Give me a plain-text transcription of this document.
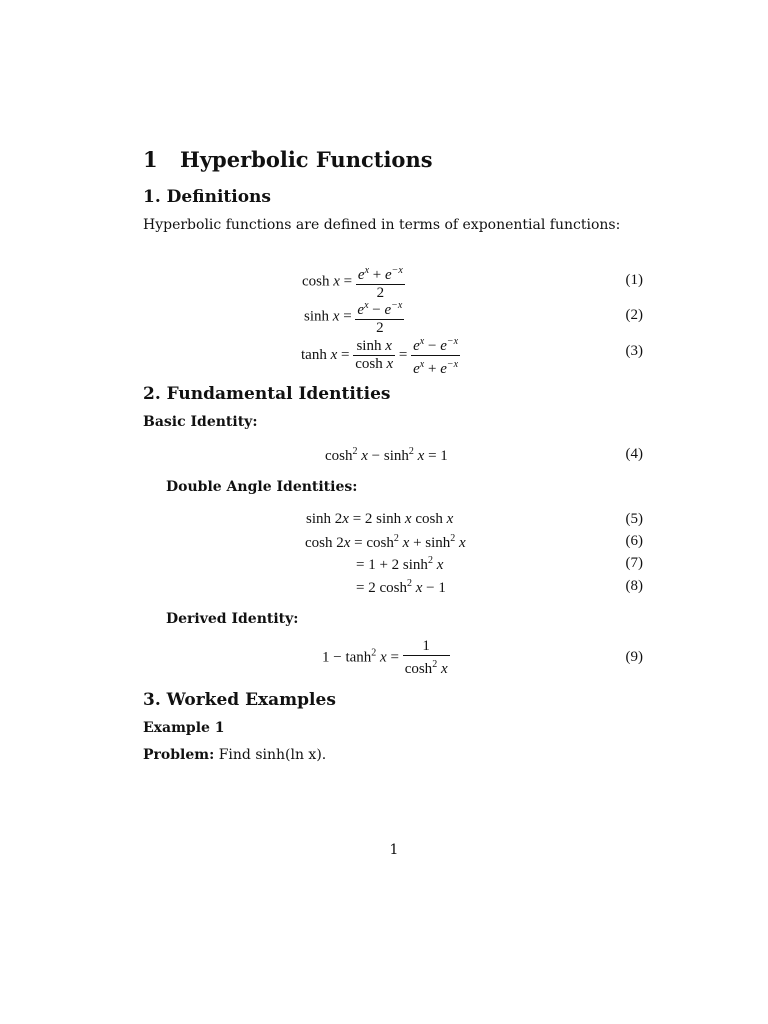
1 Hyperbolic Functions
1. Definitions
Hyperbolic functions are defined in terms of exponential functions:
$\cosh x = \frac{e^x + e^{-x}}{2}$	(1)
$\sinh x = \frac{e^x - e^{-x}}{2}$	(2)
$\tanh x = \frac{\text{sinh x}}{\text{cosh x}} = \frac{e^x - e^{-x}}{e^x + e^{-x}}$	(3)
2. Fundamental Identities
Basic Identity:
$\cosh^2 x - \sinh^2 x = 1$	(4)
Double Angle Identities:
sinh 2x = 2 sinh x cosh x	(5)
$\cosh 2x = \cosh^2 x + \sinh^2 x$	(6)
= 1 + 2 $\sinh^2 x$	(7)
= 2 $\cosh^2 x - 1$	(8)
Derived Identity:
$1 - \tanh^2 x = \frac{1}{\cosh^2 x}$	(9)
3. Worked Examples
Example 1
Problem: Find sinh(ln x).
1
